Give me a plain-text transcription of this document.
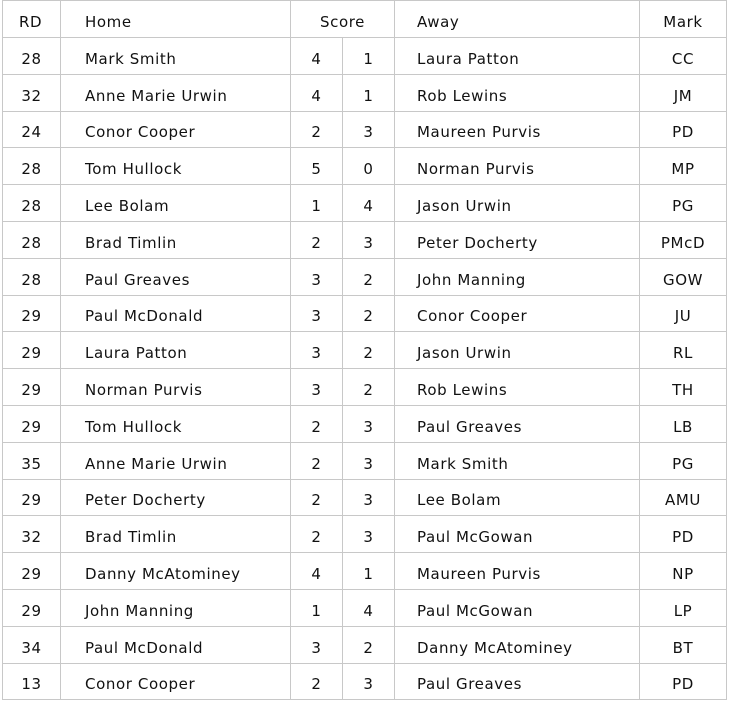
RD	Home	Score		Away	Mark
28	Mark Smith	4	1	Laura Patton	CC
32	Anne Marie Urwin	4	1	Rob Lewins	JM
24	Conor Cooper	2	3	Maureen Purvis	PD
28	Tom Hullock	5	0	Norman Purvis	MP
28	Lee Bolam	1	4	Jason Urwin	PG
28	Brad Timlin	2	3	Peter Docherty	PMcD
28	Paul Greaves	3	2	John Manning	GOW
29	Paul McDonald	3	2	Conor Cooper	JU
29	Laura Patton	3	2	Jason Urwin	RL
29	Norman Purvis	3	2	Rob Lewins	TH
29	Tom Hullock	2	3	Paul Greaves	LB
35	Anne Marie Urwin	2	3	Mark Smith	PG
29	Peter Docherty	2	3	Lee Bolam	AMU
32	Brad Timlin	2	3	Paul McGowan	PD
29	Danny McAtominey	4	1	Maureen Purvis	NP
29	John Manning	1	4	Paul McGowan	LP
34	Paul McDonald	3	2	Danny McAtominey	BT
13	Conor Cooper	2	3	Paul Greaves	PD
